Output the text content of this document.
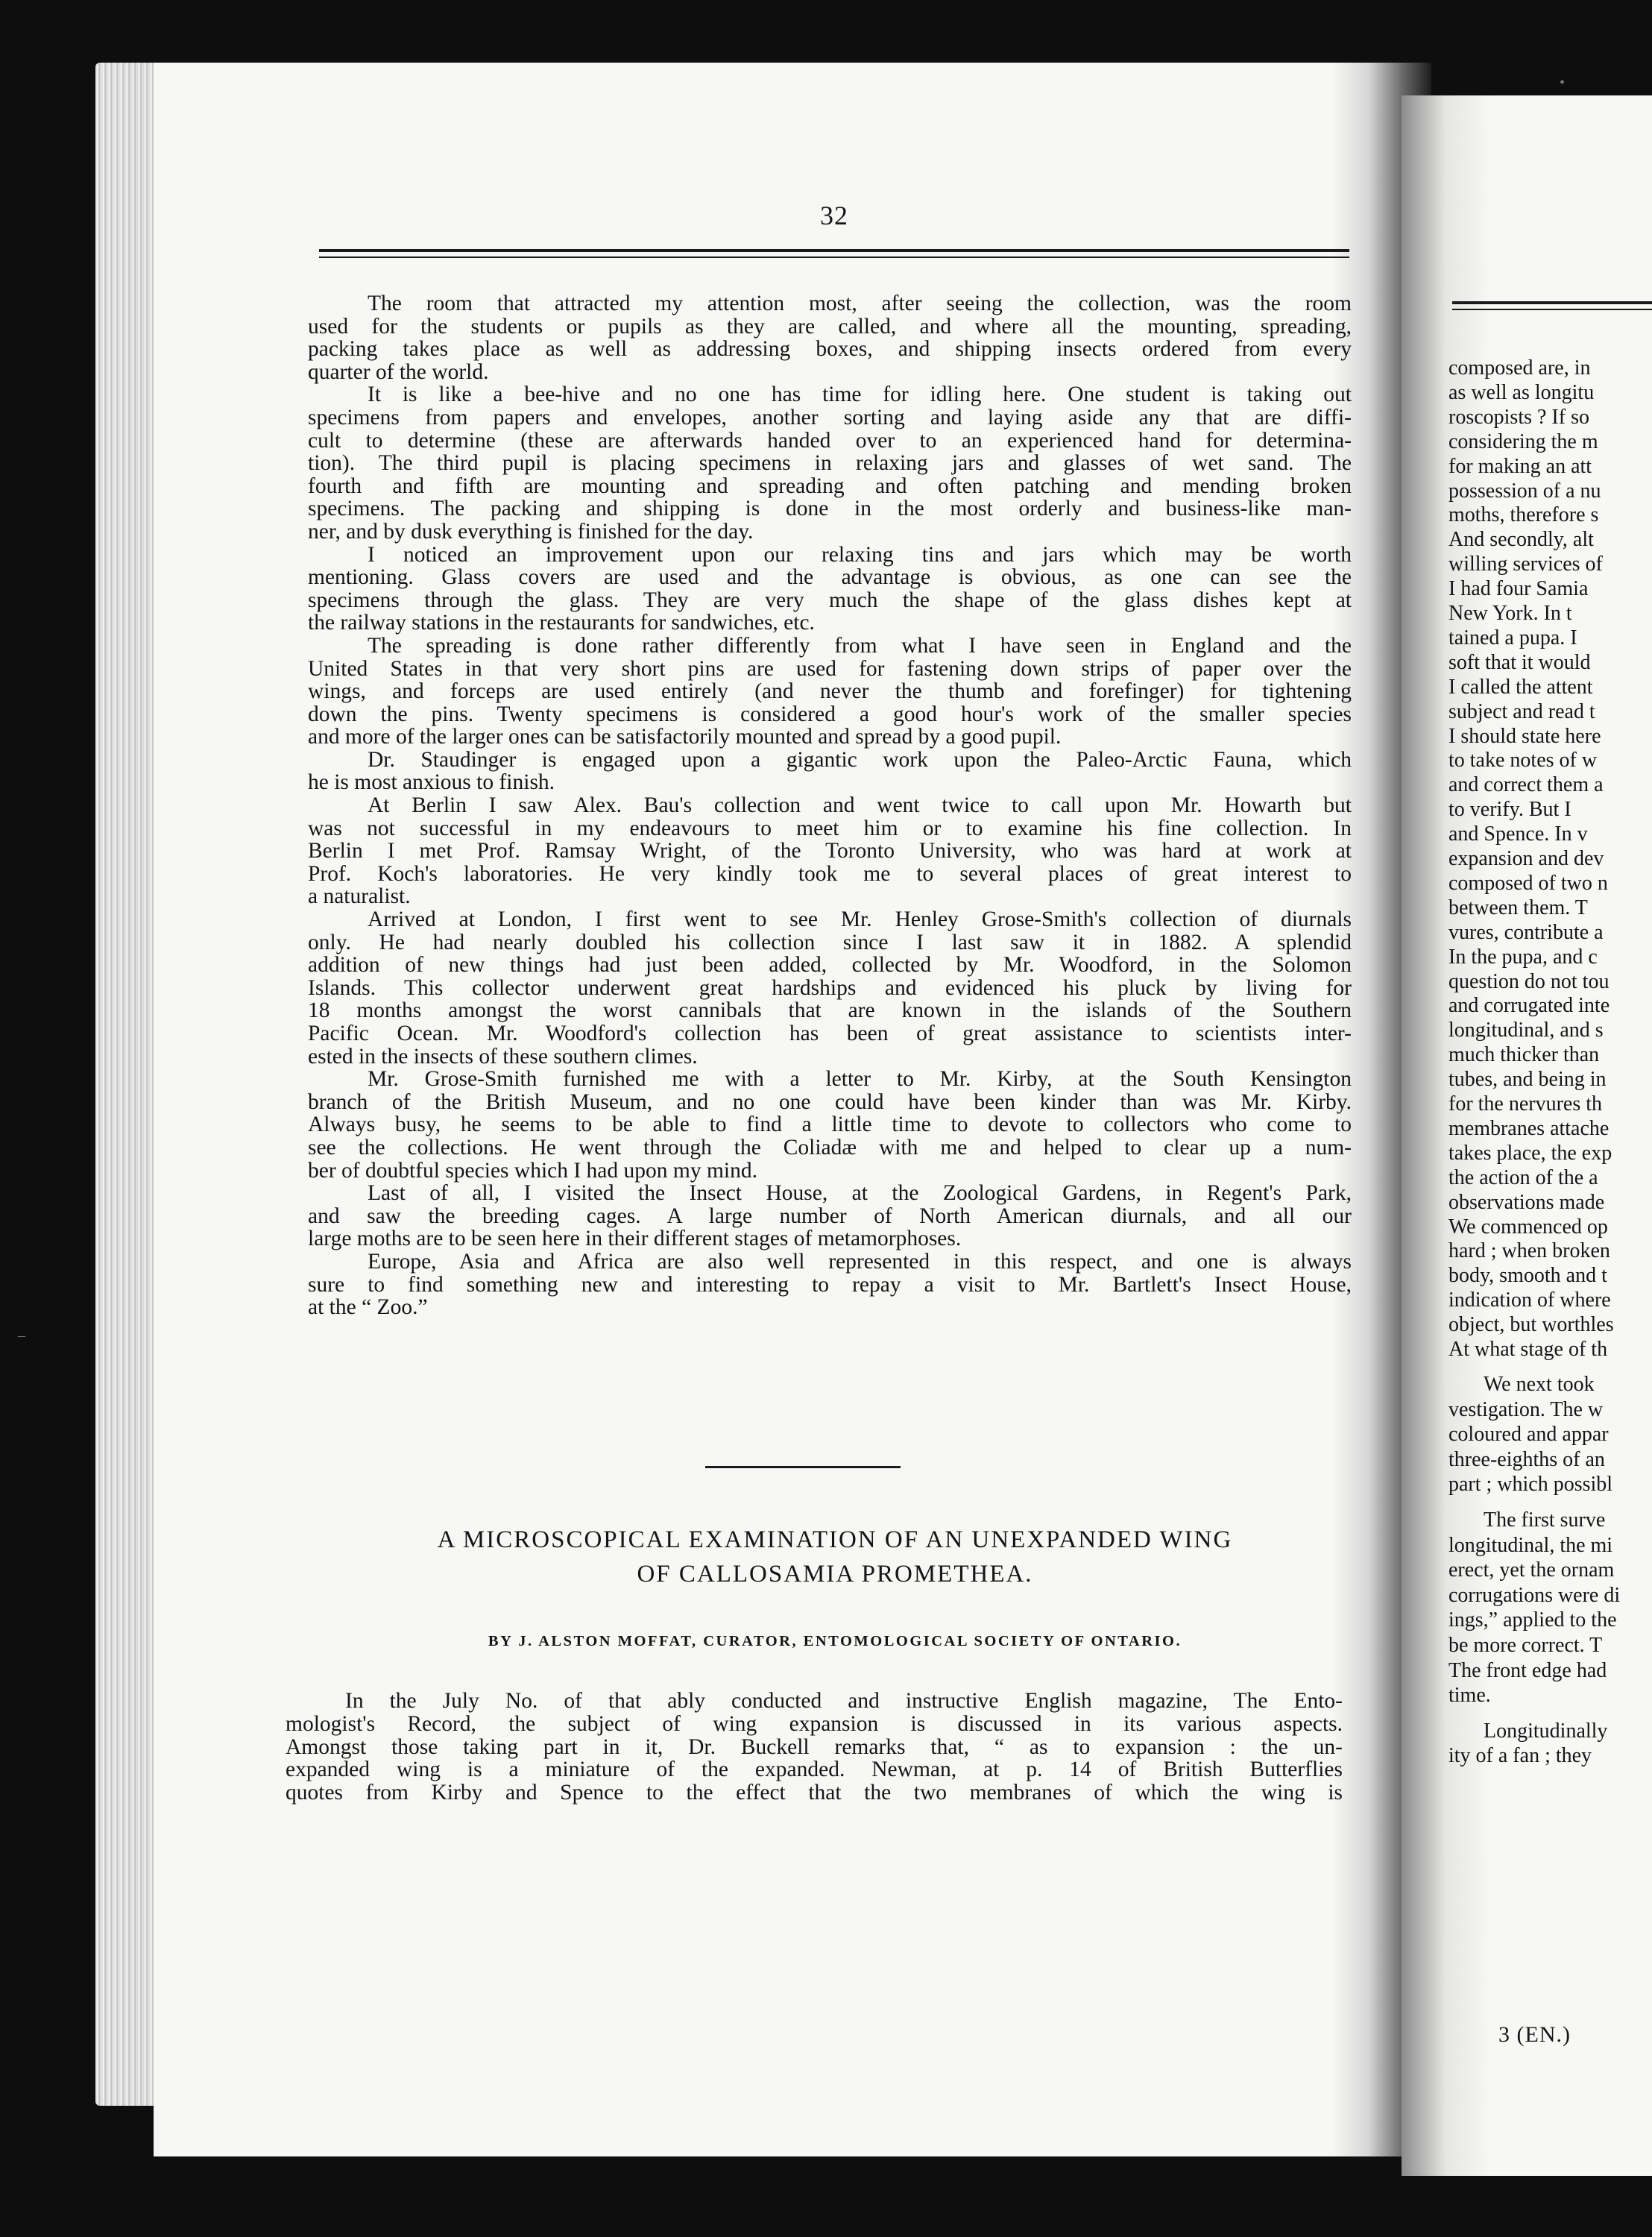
32
The room that attracted my attention most, after seeing the collection, was the room
used for the students or pupils as they are called, and where all the mounting, spreading,
packing takes place as well as addressing boxes, and shipping insects ordered from every
quarter of the world.
It is like a bee-hive and no one has time for idling here. One student is taking out
specimens from papers and envelopes, another sorting and laying aside any that are diffi-
cult to determine (these are afterwards handed over to an experienced hand for determina-
tion). The third pupil is placing specimens in relaxing jars and glasses of wet sand. The
fourth and fifth are mounting and spreading and often patching and mending broken
specimens. The packing and shipping is done in the most orderly and business-like man-
ner, and by dusk everything is finished for the day.
I noticed an improvement upon our relaxing tins and jars which may be worth
mentioning. Glass covers are used and the advantage is obvious, as one can see the
specimens through the glass. They are very much the shape of the glass dishes kept at
the railway stations in the restaurants for sandwiches, etc.
The spreading is done rather differently from what I have seen in England and the
United States in that very short pins are used for fastening down strips of paper over the
wings, and forceps are used entirely (and never the thumb and forefinger) for tightening
down the pins. Twenty specimens is considered a good hour's work of the smaller species
and more of the larger ones can be satisfactorily mounted and spread by a good pupil.
Dr. Staudinger is engaged upon a gigantic work upon the Paleo-Arctic Fauna, which
he is most anxious to finish.
At Berlin I saw Alex. Bau's collection and went twice to call upon Mr. Howarth but
was not successful in my endeavours to meet him or to examine his fine collection. In
Berlin I met Prof. Ramsay Wright, of the Toronto University, who was hard at work at
Prof. Koch's laboratories. He very kindly took me to several places of great interest to
a naturalist.
Arrived at London, I first went to see Mr. Henley Grose-Smith's collection of diurnals
only. He had nearly doubled his collection since I last saw it in 1882. A splendid
addition of new things had just been added, collected by Mr. Woodford, in the Solomon
Islands. This collector underwent great hardships and evidenced his pluck by living for
18 months amongst the worst cannibals that are known in the islands of the Southern
Pacific Ocean. Mr. Woodford's collection has been of great assistance to scientists inter-
ested in the insects of these southern climes.
Mr. Grose-Smith furnished me with a letter to Mr. Kirby, at the South Kensington
branch of the British Museum, and no one could have been kinder than was Mr. Kirby.
Always busy, he seems to be able to find a little time to devote to collectors who come to
see the collections. He went through the Coliadæ with me and helped to clear up a num-
ber of doubtful species which I had upon my mind.
Last of all, I visited the Insect House, at the Zoological Gardens, in Regent's Park,
and saw the breeding cages. A large number of North American diurnals, and all our
large moths are to be seen here in their different stages of metamorphoses.
Europe, Asia and Africa are also well represented in this respect, and one is always
sure to find something new and interesting to repay a visit to Mr. Bartlett's Insect House,
at the “ Zoo.”
A MICROSCOPICAL EXAMINATION OF AN UNEXPANDED WING
OF CALLOSAMIA PROMETHEA.
BY J. ALSTON MOFFAT, CURATOR, ENTOMOLOGICAL SOCIETY OF ONTARIO.
In the July No. of that ably conducted and instructive English magazine, The Ento-
mologist's Record, the subject of wing expansion is discussed in its various aspects.
Amongst those taking part in it, Dr. Buckell remarks that, “ as to expansion : the un-
expanded wing is a miniature of the expanded. Newman, at p. 14 of British Butterflies
quotes from Kirby and Spence to the effect that the two membranes of which the wing is
composed are, in
as well as longitu
roscopists ? If so
considering the m
for making an att
possession of a nu
moths, therefore s
And secondly, alt
willing services of
I had four Samia
New York. In t
tained a pupa. I
soft that it would
I called the attent
subject and read t
I should state here
to take notes of w
and correct them a
to verify. But I
and Spence. In v
expansion and dev
composed of two n
between them. T
vures, contribute a
In the pupa, and c
question do not tou
and corrugated inte
longitudinal, and s
much thicker than
tubes, and being in
for the nervures th
membranes attache
takes place, the exp
the action of the a
observations made
We commenced op
hard ; when broken
body, smooth and t
indication of where
object, but worthles
At what stage of th
We next took
vestigation. The w
coloured and appar
three-eighths of an
part ; which possibl
The first surve
longitudinal, the mi
erect, yet the ornam
corrugations were di
ings,” applied to the
be more correct. T
The front edge had
time.
Longitudinally
ity of a fan ; they
3 (EN.)
•
–
